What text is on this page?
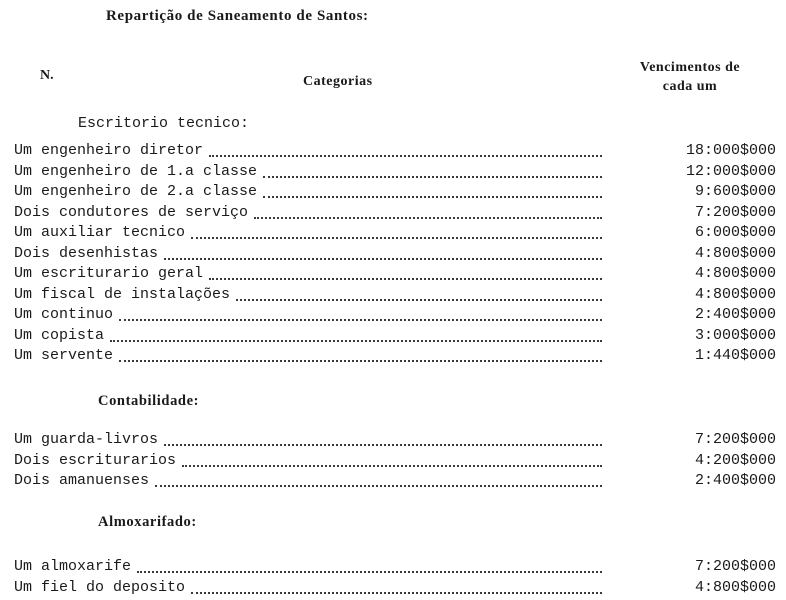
Repartição de Saneamento de Santos:
N.	Categorias
Vencimentos de
cada um
Escritorio tecnico:
Um engenheiro diretor	18:000$000
Um engenheiro de 1.a classe	12:000$000
Um engenheiro de 2.a classe	9:600$000
Dois condutores de serviço	7:200$000
Um auxiliar tecnico	6:000$000
Dois desenhistas	4:800$000
Um escriturario geral	4:800$000
Um fiscal de instalações	4:800$000
Um continuo	2:400$000
Um copista	3:000$000
Um servente	1:440$000
Contabilidade:
Um guarda-livros	7:200$000
Dois escriturarios	4:200$000
Dois amanuenses	2:400$000
Almoxarifado:
Um almoxarife	7:200$000
Um fiel do deposito	4:800$000
